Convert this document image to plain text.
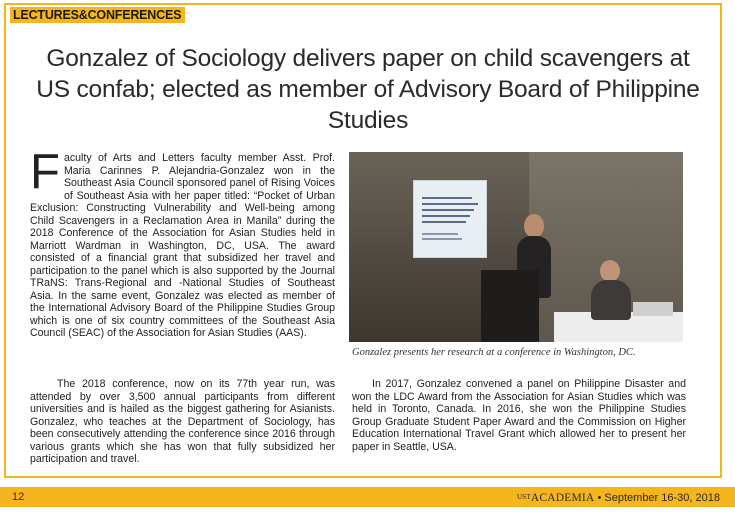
LECTURES&CONFERENCES
Gonzalez of Sociology delivers paper on child scavengers at US confab; elected as member of Advisory Board of Philippine Studies
F aculty of Arts and Letters faculty member Asst. Prof. Maria Carinnes P. Alejandria-Gonzalez won in the Southeast Asia Council sponsored panel of Rising Voices of Southeast Asia with her paper titled: “Pocket of Urban Exclusion: Constructing Vulnerability and Well-being among Child Scavengers in a Reclamation Area in Manila” during the 2018 Conference of the Association for Asian Studies held in Marriott Wardman in Washington, DC, USA. The award consisted of a financial grant that subsidized her travel and participation to the panel which is also supported by the Journal TRaNS: Trans-Regional and -National Studies of Southeast Asia. In the same event, Gonzalez was elected as member of the International Advisory Board of the Philippine Studies Group which is one of six country committees of the Southeast Asia Council (SEAC) of the Association for Asian Studies (AAS).

The 2018 conference, now on its 77th year run, was attended by over 3,500 annual participants from different universities and is hailed as the biggest gathering for Asianists. Gonzalez, who teaches at the Department of Sociology, has been consecutively attending the conference since 2016 through various grants which she has won that fully subsidized her participation and travel.

Gonzalez presents her research at a conference in Washington, DC.

In 2017, Gonzalez convened a panel on Philippine Disaster and won the LDC Award from the Association for Asian Studies which was held in Toronto, Canada. In 2016, she won the Philippine Studies Group Graduate Student Paper Award and the Commission on Higher Education International Travel Grant which allowed her to present her paper in Seattle, USA.

12	USTACADEMIA • September 16-30, 2018
